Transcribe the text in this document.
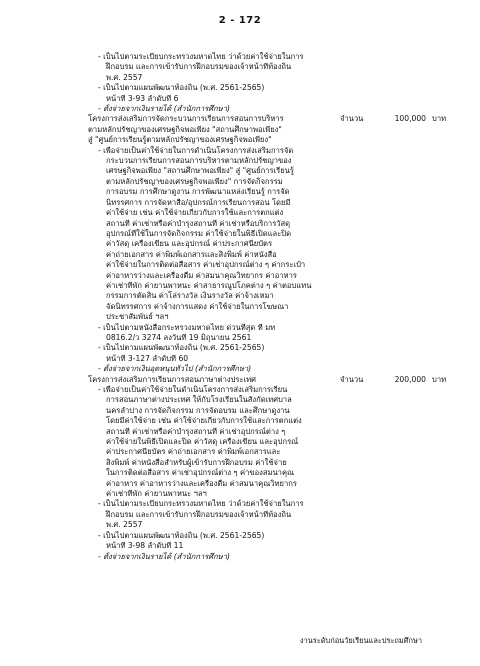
2 - 172
- เป็นไปตามระเบียบกระทรวงมหาดไทย ว่าด้วยค่าใช้จ่ายในการ
ฝึกอบรม และการเข้ารับการฝึกอบรมของเจ้าหน้าที่ท้องถิ่น
พ.ศ. 2557
- เป็นไปตามแผนพัฒนาท้องถิ่น (พ.ศ. 2561-2565)
หน้าที่ 3-93 ลำดับที่ 6
- ตั้งจ่ายจากเงินรายได้ (สำนักการศึกษา)
โครงการส่งเสริมการจัดกระบวนการเรียนการสอนการบริหาร
ตามหลักปรัชญาของเศรษฐกิจพอเพียง "สถานศึกษาพอเพียง"
สู่ "ศูนย์การเรียนรู้ตามหลักปรัชญาของเศรษฐกิจพอเพียง"
จำนวน	100,000 บาท
- เพื่อจ่ายเป็นค่าใช้จ่ายในการดำเนินโครงการส่งเสริมการจัด
กระบวนการเรียนการสอนการบริหารตามหลักปรัชญาของ
เศรษฐกิจพอเพียง "สถานศึกษาพอเพียง" สู่ "ศูนย์การเรียนรู้
ตามหลักปรัชญาของเศรษฐกิจพอเพียง" การจัดกิจกรรม
การอบรม การศึกษาดูงาน การพัฒนาแหล่งเรียนรู้ การจัด
นิทรรศการ การจัดหาสื่อ/อุปกรณ์การเรียนการสอน โดยมี
ค่าใช้จ่าย เช่น ค่าใช้จ่ายเกี่ยวกับการใช้และการตกแต่ง
สถานที่ ค่าเช่าหรือค่าบำรุงสถานที่ ค่าเช่าหรือบริการวัสดุ
อุปกรณ์ที่ใช้ในการจัดกิจกรรม ค่าใช้จ่ายในพิธีเปิดและปิด
ค่าวัสดุ เครื่องเขียน และอุปกรณ์ ค่าประกาศนียบัตร
ค่าถ่ายเอกสาร ค่าพิมพ์เอกสารและสิ่งพิมพ์ ค่าหนังสือ
ค่าใช้จ่ายในการติดต่อสื่อสาร ค่าเช่าอุปกรณ์ต่าง ๆ ค่ากระเป๋า
ค่าอาหารว่างและเครื่องดื่ม ค่าสมนาคุณวิทยากร ค่าอาหาร
ค่าเช่าที่พัก ค่ายานพาหนะ ค่าสาธารณูปโภคต่าง ๆ ค่าตอบแทน
กรรมการตัดสิน ค่าโล่รางวัล เงินรางวัล ค่าจ้างเหมา
จัดนิทรรศการ ค่าจ้างการแสดง ค่าใช้จ่ายในการโฆษณา
ประชาสัมพันธ์ ฯลฯ
- เป็นไปตามหนังสือกระทรวงมหาดไทย ด่วนที่สุด ที่ มท
0816.2/ว 3274 ลงวันที่ 19 มิถุนายน 2561
- เป็นไปตามแผนพัฒนาท้องถิ่น (พ.ศ. 2561-2565)
หน้าที่ 3-127 ลำดับที่ 60
- ตั้งจ่ายจากเงินอุดหนุนทั่วไป (สำนักการศึกษา)
โครงการส่งเสริมการเรียนการสอนภาษาต่างประเทศ	จำนวน	200,000 บาท
- เพื่อจ่ายเป็นค่าใช้จ่ายในดำเนินโครงการส่งเสริมการเรียน
การสอนภาษาต่างประเทศ ให้กับโรงเรียนในสังกัดเทศบาล
นครลำปาง การจัดกิจกรรม การจัดอบรม และศึกษาดูงาน
โดยมีค่าใช้จ่าย เช่น ค่าใช้จ่ายเกี่ยวกับการใช้และการตกแต่ง
สถานที่ ค่าเช่าหรือค่าบำรุงสถานที่ ค่าเช่าอุปกรณ์ต่าง ๆ
ค่าใช้จ่ายในพิธีเปิดและปิด ค่าวัสดุ เครื่องเขียน และอุปกรณ์
ค่าประกาศนียบัตร ค่าถ่ายเอกสาร ค่าพิมพ์เอกสารและ
สิ่งพิมพ์ ค่าหนังสือสำหรับผู้เข้ารับการฝึกอบรม ค่าใช้จ่าย
ในการติดต่อสื่อสาร ค่าเช่าอุปกรณ์ต่าง ๆ ค่าของสมนาคุณ
ค่าอาหาร ค่าอาหารว่างและเครื่องดื่ม ค่าสมนาคุณวิทยากร
ค่าเช่าที่พัก ค่ายานพาหนะ ฯลฯ
- เป็นไปตามระเบียบกระทรวงมหาดไทย ว่าด้วยค่าใช้จ่ายในการ
ฝึกอบรม และการเข้ารับการฝึกอบรมของเจ้าหน้าที่ท้องถิ่น
พ.ศ. 2557
- เป็นไปตามแผนพัฒนาท้องถิ่น (พ.ศ. 2561-2565)
หน้าที่ 3-98 ลำดับที่ 11
- ตั้งจ่ายจากเงินรายได้ (สำนักการศึกษา)
งานระดับก่อนวัยเรียนและประถมศึกษา
